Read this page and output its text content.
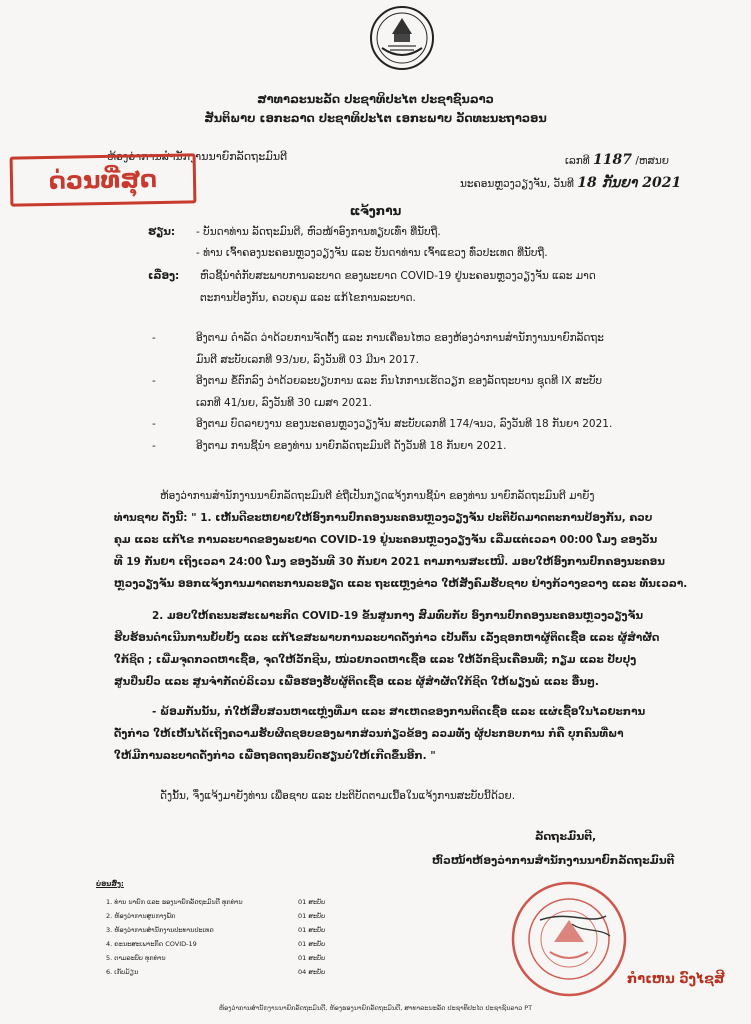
ສາທາລະນະລັດ ປະຊາທິປະໄຕ ປະຊາຊົນລາວ
ສັນຕິພາບ ເອກະລາດ ປະຊາທິປະໄຕ ເອກະພາບ ວັດທະນະຖາວອນ
ຫ້ອງວ່າການສຳນັກງານນາຍົກລັດຖະມົນຕີ
ດ່ວນທີ່ສຸດ
ເລກທີ 1187 /ຫສນຍ
ນະຄອນຫຼວງວຽງຈັນ, ວັນທີ 18 ກັນຍາ 2021
ແຈ້ງການ
ຮຽນ: - ບັນດາທ່ານ ລັດຖະມົນຕີ, ຫົວໜ້າອົງການທຽບເທົ່າ ທີ່ນັບຖື.
- ທ່ານ ເຈົ້າຄອງນະຄອນຫຼວງວຽງຈັນ ແລະ ບັນດາທ່ານ ເຈົ້າແຂວງ ທົ່ວປະເທດ ທີ່ນັບຖື.
ເລື່ອງ: ຫົວຊີ້ນຳຕໍ່ກັບສະພາບການລະບາດ ຂອງພະຍາດ COVID-19 ຢູ່ນະຄອນຫຼວງວຽງຈັນ ແລະ ມາດ
ຕະການປ້ອງກັນ, ຄວບຄຸມ ແລະ ແກ້ໄຂການລະບາດ.
-	ອີງຕາມ ດຳລັດ ວ່າດ້ວຍການຈັດຕັ້ງ ແລະ ການເຄື່ອນໄຫວ ຂອງຫ້ອງວ່າການສຳນັກງານນາຍົກລັດຖະ
ມົນຕີ ສະບັບເລກທີ 93/ນຍ, ລົງວັນທີ 03 ມີນາ 2017.
-	ອີງຕາມ ຂໍ້ຕົກລົງ ວ່າດ້ວຍລະບຽບການ ແລະ ກົນໄກການເຮັດວຽກ ຂອງລັດຖະບານ ຊຸດທີ IX ສະບັບ
ເລກທີ 41/ນຍ, ລົງວັນທີ 30 ເມສາ 2021.
-	ອີງຕາມ ບົດລາຍງານ ຂອງນະຄອນຫຼວງວຽງຈັນ ສະບັບເລກທີ 174/ຈນວ, ລົງວັນທີ 18 ກັນຍາ 2021.
-	ອີງຕາມ ການຊີ້ນຳ ຂອງທ່ານ ນາຍົກລັດຖະມົນຕີ ດັ່ງວັນທີ 18 ກັນຍາ 2021.
ຫ້ອງວ່າການສຳນັກງານນາຍົກລັດຖະມົນຕີ ຂໍຖືເປັນກຽດແຈ້ງການຊີ້ນຳ ຂອງທ່ານ ນາຍົກລັດຖະມົນຕີ ມາຍັງ
ທ່ານຊາບ ດັ່ງນີ້: " 1. ເຫັນດີຂະຫຍາຍໃຫ້ອົງການປົກຄອງນະຄອນຫຼວງວຽງຈັນ ປະຕິບັດມາດຕະການປ້ອງກັນ, ຄວບ
ຄຸມ ແລະ ແກ້ໄຂ ການລະບາດຂອງພະຍາດ COVID-19 ຢູ່ນະຄອນຫຼວງວຽງຈັນ ເລີ່ມແຕ່ເວລາ 00:00 ໂມງ ຂອງວັນ
ທີ 19 ກັນຍາ ເຖິງເວລາ 24:00 ໂມງ ຂອງວັນທີ 30 ກັນຍາ 2021 ຕາມການສະເໜີ. ມອບໃຫ້ອົງການປົກຄອງນະຄອນ
ຫຼວງວຽງຈັນ ອອກແຈ້ງການມາດຕະການລະອຽດ ແລະ ຖະແຫຼງຂ່າວ ໃຫ້ສັງຄົມຮັບຊາບ ຢ່າງກ້ວາງຂວາງ ແລະ ທັນເວລາ.
2. ມອບໃຫ້ຄະນະສະເພາະກິດ COVID-19 ຂັ້ນສູນກາງ ສົມທົບກັບ ອົງການປົກຄອງນະຄອນຫຼວງວຽງຈັນ
ຮີບຮ້ອນດຳເນີນການຍັບຍັ້ງ ແລະ ແກ້ໄຂສະພາບການລະບາດດັ່ງກ່າວ ເປັນຕົ້ນ ເລັ່ງຊອກຫາຜູ້ຕິດເຊື້ອ ແລະ ຜູ້ສຳຜັດ
ໃກ້ຊິດ ; ເພີ່ມຈຸດກວດຫາເຊື້ອ, ຈຸດໃຫ້ວັກຊີນ, ໜ່ວຍກວດຫາເຊື້ອ ແລະ ໃຫ້ວັກຊີນເຄື່ອນທີ່; ກຽມ ແລະ ປັບປຸງ
ສູນປິ່ນປົວ ແລະ ສູນຈຳກັດບໍລິເວນ ເພື່ອຮອງຮັບຜູ້ຕິດເຊື້ອ ແລະ ຜູ້ສຳຜັດໃກ້ຊິດ ໃຫ້ພຽງພໍ ແລະ ອື່ນໆ.
- ພ້ອມກັນນັ້ນ, ກໍໃຫ້ສືບສວນຫາແຫຼ່ງທີ່ມາ ແລະ ສາເຫດຂອງການຕິດເຊື້ອ ແລະ ແຜ່ເຊື້ອໃນໄລຍະການ
ດັ່ງກ່າວ ໃຫ້ເຫັນໄດ້ເຖິງຄວາມຮັບຜິດຊອບຂອງພາກສ່ວນກ່ຽວຂ້ອງ ລວມທັງ ຜູ້ປະກອບການ ກໍຄື ບຸກຄົນທີ່ພາ
ໃຫ້ມີການລະບາດດັ່ງກ່າວ ເພື່ອຖອດຖອນບົດຮຽນບໍ່ໃຫ້ເກີດຂຶ້ນອີກ. "
ດັ່ງນັ້ນ, ຈຶ່ງແຈ້ງມາຍັງທ່ານ ເພື່ອຊາບ ແລະ ປະຕິບັດຕາມເນື້ອໃນແຈ້ງການສະບັບນີ້ດ້ວຍ.
ລັດຖະມົນຕີ,
ຫົວໜ້າຫ້ອງວ່າການສຳນັກງານນາຍົກລັດຖະມົນຕີ
ບ່ອນສົ່ງ:
1. ທ່ານ ນາຍົກ ແລະ ຮອງນາຍົກລັດຖະມົນຕີ ທຸກທ່ານ	01 ສະບັບ
2. ຫ້ອງວ່າການສູນກາງພັກ	01 ສະບັບ
3. ຫ້ອງວ່າການສຳນັກງານປະທານປະເທດ	01 ສະບັບ
4. ຄະນະສະເພາະກິດ COVID-19	01 ສະບັບ
5. ຕາມລະບົບ ທຸກທ່ານ	01 ສະບັບ
6. ເກັບມ້ຽນ	04 ສະບັບ	ກຳເຫນ ວົງໄຊສີ
ຫ້ອງວ່າການສຳນັກງານນາຍົກລັດຖະມົນຕີ, ຫ້ອງຮອງນາຍົກລັດຖະມົນຕີ, ສາທາລະນະລັດ ປະຊາທິປະໄຕ ປະຊາຊົນລາວ PT
